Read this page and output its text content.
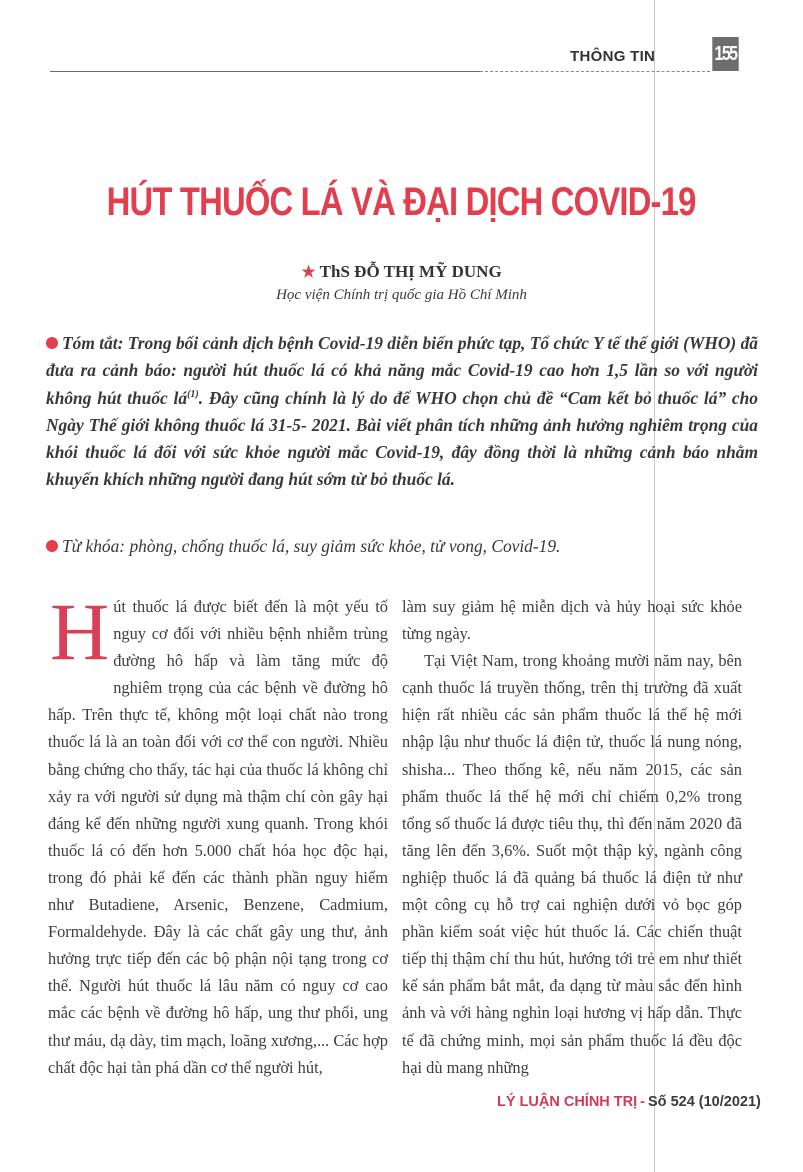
THÔNG TIN	155
HÚT THUỐC LÁ VÀ ĐẠI DỊCH COVID-19
★ ThS ĐỖ THỊ MỸ DUNG
Học viện Chính trị quốc gia Hồ Chí Minh
Tóm tắt: Trong bối cảnh dịch bệnh Covid-19 diễn biến phức tạp, Tổ chức Y tế thế giới (WHO) đã đưa ra cảnh báo: người hút thuốc lá có khả năng mắc Covid-19 cao hơn 1,5 lần so với người không hút thuốc $lá^{(1)}$. Đây cũng chính là lý do để WHO chọn chủ đề “Cam kết bỏ thuốc lá” cho Ngày Thế giới không thuốc lá 31-5- 2021. Bài viết phân tích những ảnh hưởng nghiêm trọng của khói thuốc lá đối với sức khỏe người mắc Covid-19, đây đồng thời là những cảnh báo nhằm khuyến khích những người đang hút sớm từ bỏ thuốc lá.
Từ khóa: phòng, chống thuốc lá, suy giảm sức khỏe, tử vong, Covid-19.
H út thuốc lá được biết đến là một yếu tố nguy cơ đối với nhiều bệnh nhiễm trùng đường hô hấp và làm tăng mức độ nghiêm trọng của các bệnh về đường hô hấp. Trên thực tế, không một loại chất nào trong thuốc lá là an toàn đối với cơ thể con người. Nhiều bằng chứng cho thấy, tác hại của thuốc lá không chỉ xảy ra với người sử dụng mà thậm chí còn gây hại đáng kể đến những người xung quanh. Trong khói thuốc lá có đến hơn 5.000 chất hóa học độc hại, trong đó phải kể đến các thành phần nguy hiểm như Butadiene, Arsenic, Benzene, Cadmium, Formaldehyde. Đây là các chất gây ung thư, ảnh hưởng trực tiếp đến các bộ phận nội tạng trong cơ thể. Người hút thuốc lá lâu năm có nguy cơ cao mắc các bệnh về đường hô hấp, ung thư phổi, ung thư máu, dạ dày, tim mạch, loãng xương,... Các hợp chất độc hại tàn phá dần cơ thể người hút,

làm suy giảm hệ miễn dịch và hủy hoại sức khỏe từng ngày.

Tại Việt Nam, trong khoảng mười năm nay, bên cạnh thuốc lá truyền thống, trên thị trường đã xuất hiện rất nhiều các sản phẩm thuốc lá thế hệ mới nhập lậu như thuốc lá điện tử, thuốc lá nung nóng, shisha... Theo thống kê, nếu năm 2015, các sản phẩm thuốc lá thế hệ mới chỉ chiếm 0,2% trong tổng số thuốc lá được tiêu thụ, thì đến năm 2020 đã tăng lên đến 3,6%. Suốt một thập kỷ, ngành công nghiệp thuốc lá đã quảng bá thuốc lá điện tử như một công cụ hỗ trợ cai nghiện dưới vỏ bọc góp phần kiểm soát việc hút thuốc lá. Các chiến thuật tiếp thị thậm chí thu hút, hướng tới trẻ em như thiết kế sản phẩm bắt mắt, đa dạng từ màu sắc đến hình ảnh và với hàng nghìn loại hương vị hấp dẫn. Thực tế đã chứng minh, mọi sản phẩm thuốc lá đều độc hại dù mang những

LÝ LUẬN CHÍNH TRỊ - Số 524 (10/2021)
